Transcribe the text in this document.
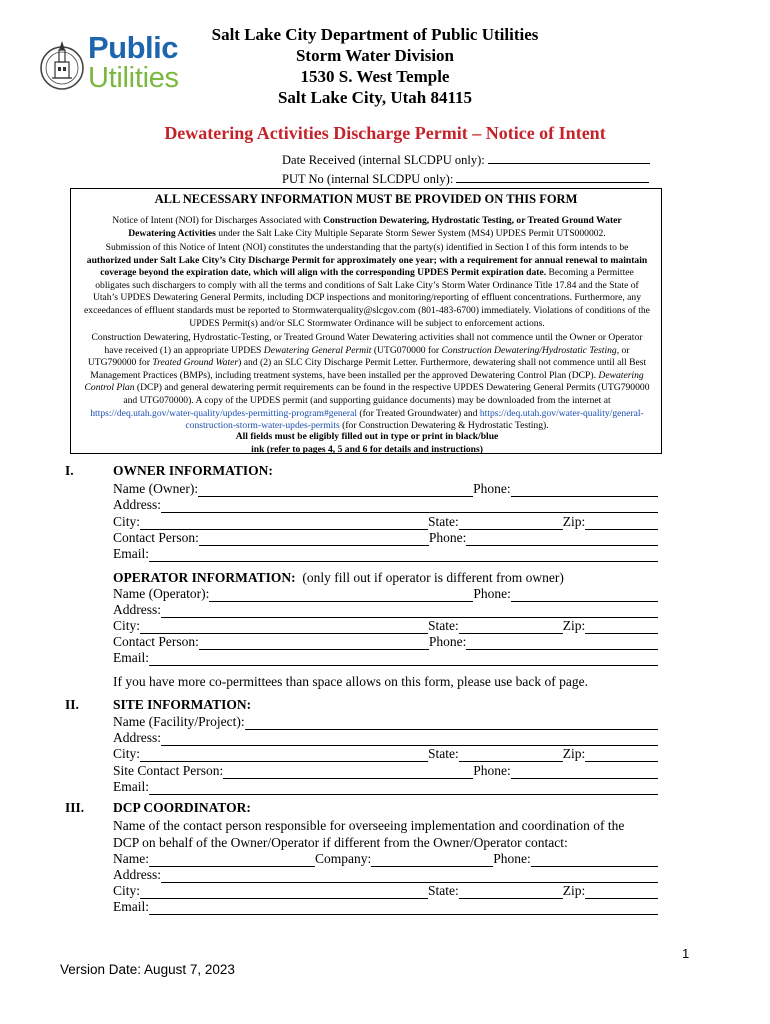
Public
Utilities
Salt Lake City Department of Public Utilities
Storm Water Division
1530 S. West Temple
Salt Lake City, Utah 84115
Dewatering Activities Discharge Permit – Notice of Intent
Date Received (internal SLCDPU only):
PUT No (internal SLCDPU only):
ALL NECESSARY INFORMATION MUST BE PROVIDED ON THIS FORM

Notice of Intent (NOI) for Discharges Associated with Construction Dewatering, Hydrostatic Testing, or Treated Ground Water
Dewatering Activities under the Salt Lake City Multiple Separate Storm Sewer System (MS4) UPDES Permit UTS000002.

Submission of this Notice of Intent (NOI) constitutes the understanding that the party(s) identified in Section I of this form intends to be authorized under Salt Lake City’s City Discharge Permit for approximately one year; with a requirement for annual renewal to maintain coverage beyond the expiration date, which will align with the corresponding UPDES Permit expiration date. Becoming a Permittee obligates such dischargers to comply with all the terms and conditions of Salt Lake City’s Storm Water Ordinance Title 17.84 and the State of Utah’s UPDES Dewatering General Permits, including DCP inspections and monitoring/reporting of effluent concentrations. Furthermore, any exceedances of effluent standards must be reported to Stormwaterquality@slcgov.com (801-483-6700) immediately. Violations of conditions of the UPDES Permit(s) and/or SLC Stormwater Ordinance will be subject to enforcement actions.

Construction Dewatering, Hydrostatic-Testing, or Treated Ground Water Dewatering activities shall not commence until the Owner or Operator have received (1) an appropriate UPDES Dewatering General Permit (UTG070000 for Construction Dewatering/Hydrostatic Testing, or UTG790000 for Treated Ground Water) and (2) an SLC City Discharge Permit Letter. Furthermore, dewatering shall not commence until all Best Management Practices (BMPs), including treatment systems, have been installed per the approved Dewatering Control Plan (DCP). Dewatering Control Plan (DCP) and general dewatering permit requirements can be found in the respective UPDES Dewatering General Permits (UTG790000 and UTG070000). A copy of the UPDES permit (and supporting guidance documents) may be downloaded from the internet at https://deq.utah.gov/water-quality/updes-permitting-program#general (for Treated Groundwater) and https://deq.utah.gov/water-quality/general-construction-storm-water-updes-permits (for Construction Dewatering & Hydrostatic Testing).

All fields must be eligibly filled out in type or print in black/blue
ink (refer to pages 4, 5 and 6 for details and instructions)

I.	OWNER INFORMATION:
Name (Owner):	Phone:
Address:
City:	State:	Zip:
Contact Person:	Phone:
Email:
OPERATOR INFORMATION:  (only fill out if operator is different from owner)
Name (Operator):	Phone:
Address:
City:	State:	Zip:
Contact Person:	Phone:
Email:
If you have more co-permittees than space allows on this form, please use back of page.
II.	SITE INFORMATION:
Name (Facility/Project):
Address:
City:	State:	Zip:
Site Contact Person:	Phone:
Email:
III. DCP COORDINATOR:
Name of the contact person responsible for overseeing implementation and coordination of the
DCP on behalf of the Owner/Operator if different from the Owner/Operator contact:
Name:	Company:	Phone:
Address:
City:	State:	Zip:
Email:
1
Version Date: August 7, 2023
